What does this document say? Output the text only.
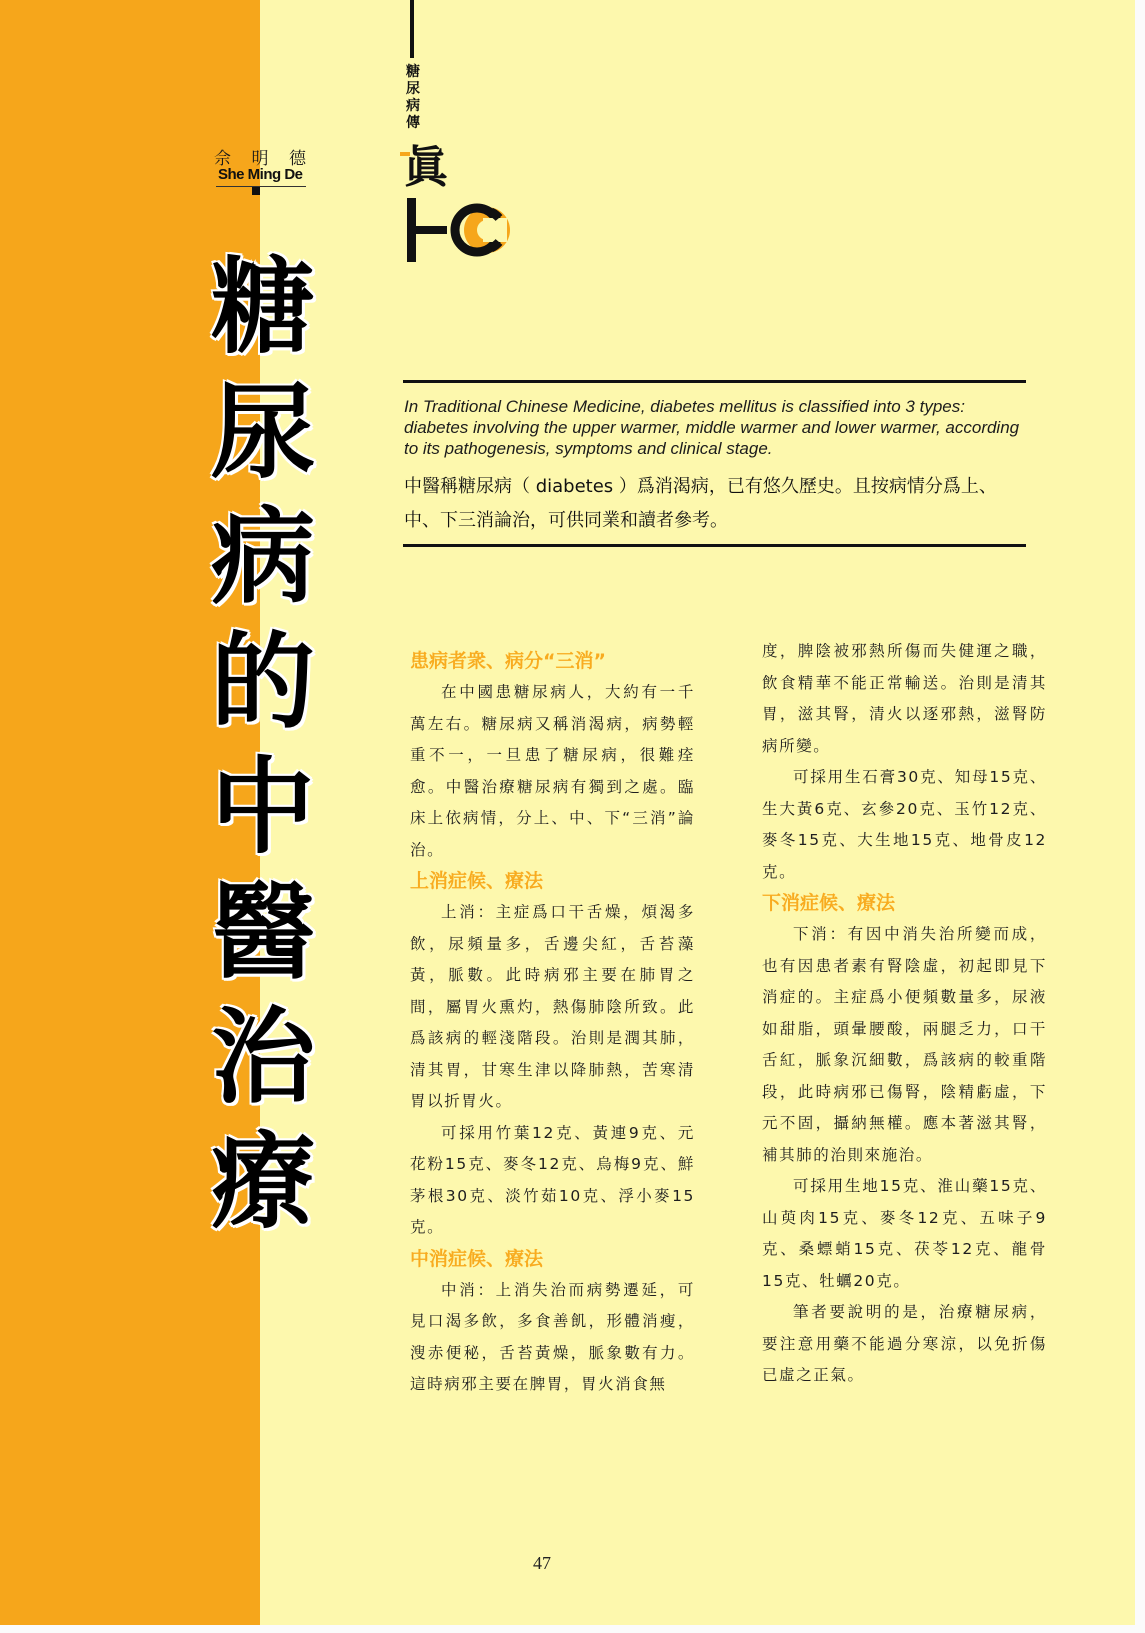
佘 明 德
She Ming De
糖
尿
病
的
中
醫
治
療
糖
尿
病
傳
眞

In Traditional Chinese Medicine, diabetes mellitus is classified into 3 types: diabetes involving the upper warmer, middle warmer and lower warmer, according to its pathogenesis, symptoms and clinical stage.

中醫稱糖尿病（ diabetes ）爲消渴病，已有悠久歷史。且按病情分爲上、中、下三消論治，可供同業和讀者參考。

患病者衆、病分“三消”

在中國患糖尿病人，大約有一千萬左右。糖尿病又稱消渴病，病勢輕重不一，一旦患了糖尿病，很難痊愈。中醫治療糖尿病有獨到之處。臨床上依病情，分上、中、下“三消”論治。

上消症候、療法

上消：主症爲口干舌燥，煩渴多飲，尿頻量多，舌邊尖紅，舌苔藻黃，脈數。此時病邪主要在肺胃之間，屬胃火熏灼，熱傷肺陰所致。此爲該病的輕淺階段。治則是潤其肺，清其胃，甘寒生津以降肺熱，苦寒清胃以折胃火。

可採用竹葉12克、黃連9克、元花粉15克、麥冬12克、烏梅9克、鮮茅根30克、淡竹茹10克、浮小麥15克。

中消症候、療法

中消：上消失治而病勢遷延，可見口渴多飲，多食善飢，形體消瘦，溲赤便秘，舌苔黃燥，脈象數有力。這時病邪主要在脾胃，胃火消食無

度，脾陰被邪熱所傷而失健運之職，飲食精華不能正常輸送。治則是清其胃，滋其腎，清火以逐邪熱，滋腎防病所變。

可採用生石膏30克、知母15克、生大黃6克、玄參20克、玉竹12克、麥冬15克、大生地15克、地骨皮12克。

下消症候、療法

下消：有因中消失治所變而成，也有因患者素有腎陰虛，初起即見下消症的。主症爲小便頻數量多，尿液如甜脂，頭暈腰酸，兩腿乏力，口干舌紅，脈象沉細數，爲該病的較重階段，此時病邪已傷腎，陰精虧虛，下元不固，攝納無權。應本著滋其腎，補其肺的治則來施治。

可採用生地15克、淮山藥15克、山萸肉15克、麥冬12克、五味子9克、桑螵蛸15克、茯苓12克、龍骨15克、牡蠣20克。

筆者要說明的是，治療糖尿病，要注意用藥不能過分寒涼，以免折傷已虛之正氣。

47
